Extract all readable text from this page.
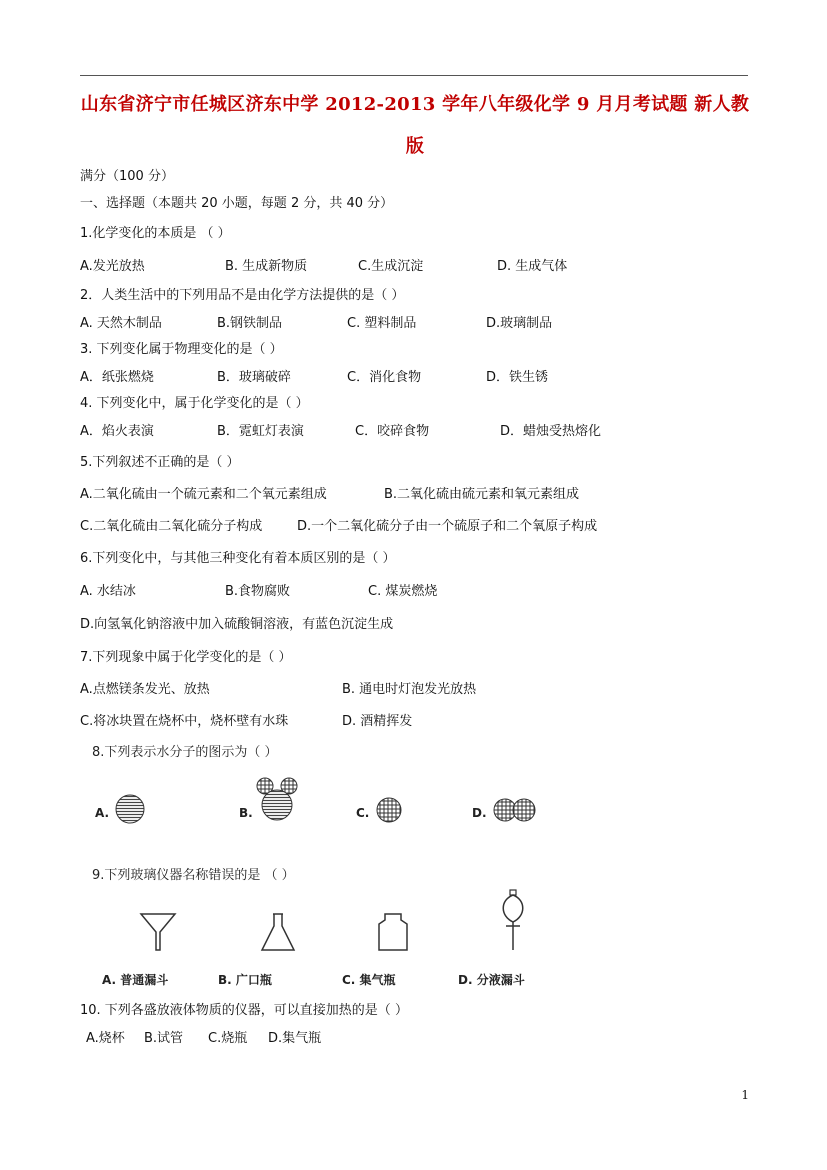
山东省济宁市任城区济东中学 2012-2013 学年八年级化学 9 月月考试题 新人教
版
满分（100 分）
一、选择题（本题共 20 小题，每题 2 分，共 40 分）
1.化学变化的本质是 （ ）
A.发光放热	B. 生成新物质	C.生成沉淀	D. 生成气体
2．人类生活中的下列用品不是由化学方法提供的是（ ）
A. 天然木制品	B.钢铁制品	C. 塑料制品	D.玻璃制品
3. 下列变化属于物理变化的是（ ）
A．纸张燃烧	B．玻璃破碎	C．消化食物	D．铁生锈
4. 下列变化中，属于化学变化的是（ ）
A．焰火表演	B．霓虹灯表演	C．咬碎食物	D．蜡烛受热熔化
5.下列叙述不正确的是（ ）
A.二氧化硫由一个硫元素和二个氧元素组成	B.二氧化硫由硫元素和氧元素组成
C.二氧化硫由二氧化硫分子构成	D.一个二氧化硫分子由一个硫原子和二个氧原子构成
6.下列变化中，与其他三种变化有着本质区别的是（ ）
A. 水结冰	B.食物腐败	C. 煤炭燃烧
D.向氢氧化钠溶液中加入硫酸铜溶液，有蓝色沉淀生成
7.下列现象中属于化学变化的是（ ）
A.点燃镁条发光、放热	B. 通电时灯泡发光放热
C.将冰块置在烧杯中，烧杯壁有水珠	D. 酒精挥发
8.下列表示水分子的图示为（ ）
A.	B.	C.	D.
9.下列玻璃仪器名称错误的是 （ ）
A. 普通漏斗	B. 广口瓶	C. 集气瓶	D. 分液漏斗
10. 下列各盛放液体物质的仪器，可以直接加热的是（ ）
A.烧杯 B.试管 C.烧瓶 D.集气瓶
1
